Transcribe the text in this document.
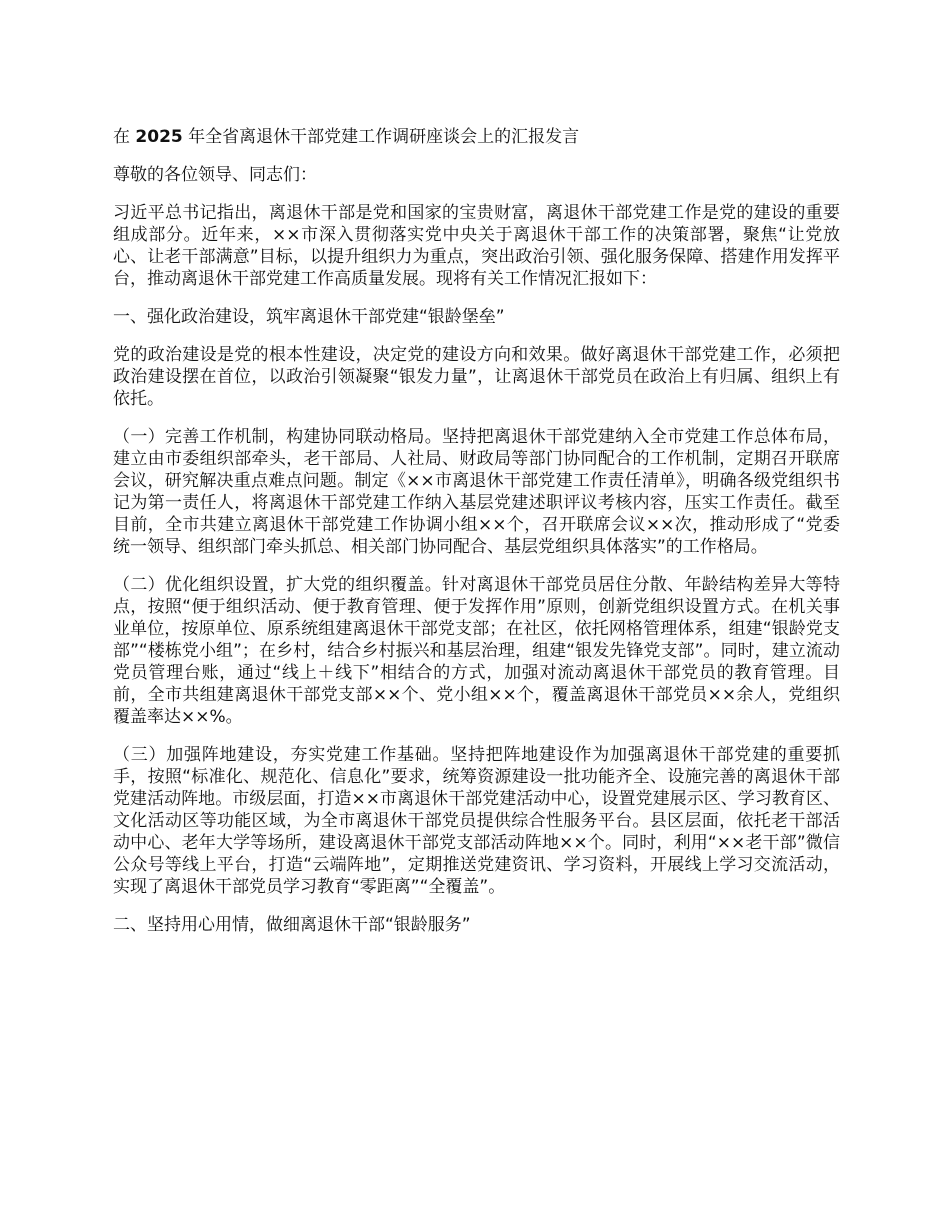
在 2025 年全省离退休干部党建工作调研座谈会上的汇报发言

尊敬的各位领导、同志们：

习近平总书记指出，离退休干部是党和国家的宝贵财富，离退休干部党建工作是党的建设的重要组成部分。近年来，××市深入贯彻落实党中央关于离退休干部工作的决策部署，聚焦“让党放心、让老干部满意”目标，以提升组织力为重点，突出政治引领、强化服务保障、搭建作用发挥平台，推动离退休干部党建工作高质量发展。现将有关工作情况汇报如下：

一、强化政治建设，筑牢离退休干部党建“银龄堡垒”

党的政治建设是党的根本性建设，决定党的建设方向和效果。做好离退休干部党建工作，必须把政治建设摆在首位，以政治引领凝聚“银发力量”，让离退休干部党员在政治上有归属、组织上有依托。

（一）完善工作机制，构建协同联动格局。坚持把离退休干部党建纳入全市党建工作总体布局，建立由市委组织部牵头，老干部局、人社局、财政局等部门协同配合的工作机制，定期召开联席会议，研究解决重点难点问题。制定《××市离退休干部党建工作责任清单》，明确各级党组织书记为第一责任人，将离退休干部党建工作纳入基层党建述职评议考核内容，压实工作责任。截至目前，全市共建立离退休干部党建工作协调小组××个，召开联席会议××次，推动形成了“党委统一领导、组织部门牵头抓总、相关部门协同配合、基层党组织具体落实”的工作格局。

（二）优化组织设置，扩大党的组织覆盖。针对离退休干部党员居住分散、年龄结构差异大等特点，按照“便于组织活动、便于教育管理、便于发挥作用”原则，创新党组织设置方式。在机关事业单位，按原单位、原系统组建离退休干部党支部；在社区，依托网格管理体系，组建“银龄党支部”“楼栋党小组”；在乡村，结合乡村振兴和基层治理，组建“银发先锋党支部”。同时，建立流动党员管理台账，通过“线上＋线下”相结合的方式，加强对流动离退休干部党员的教育管理。目前，全市共组建离退休干部党支部××个、党小组××个，覆盖离退休干部党员××余人，党组织覆盖率达××%。

（三）加强阵地建设，夯实党建工作基础。坚持把阵地建设作为加强离退休干部党建的重要抓手，按照“标准化、规范化、信息化”要求，统筹资源建设一批功能齐全、设施完善的离退休干部党建活动阵地。市级层面，打造××市离退休干部党建活动中心，设置党建展示区、学习教育区、文化活动区等功能区域，为全市离退休干部党员提供综合性服务平台。县区层面，依托老干部活动中心、老年大学等场所，建设离退休干部党支部活动阵地××个。同时，利用“××老干部”微信公众号等线上平台，打造“云端阵地”，定期推送党建资讯、学习资料，开展线上学习交流活动，实现了离退休干部党员学习教育“零距离”“全覆盖”。

二、坚持用心用情，做细离退休干部“银龄服务”
